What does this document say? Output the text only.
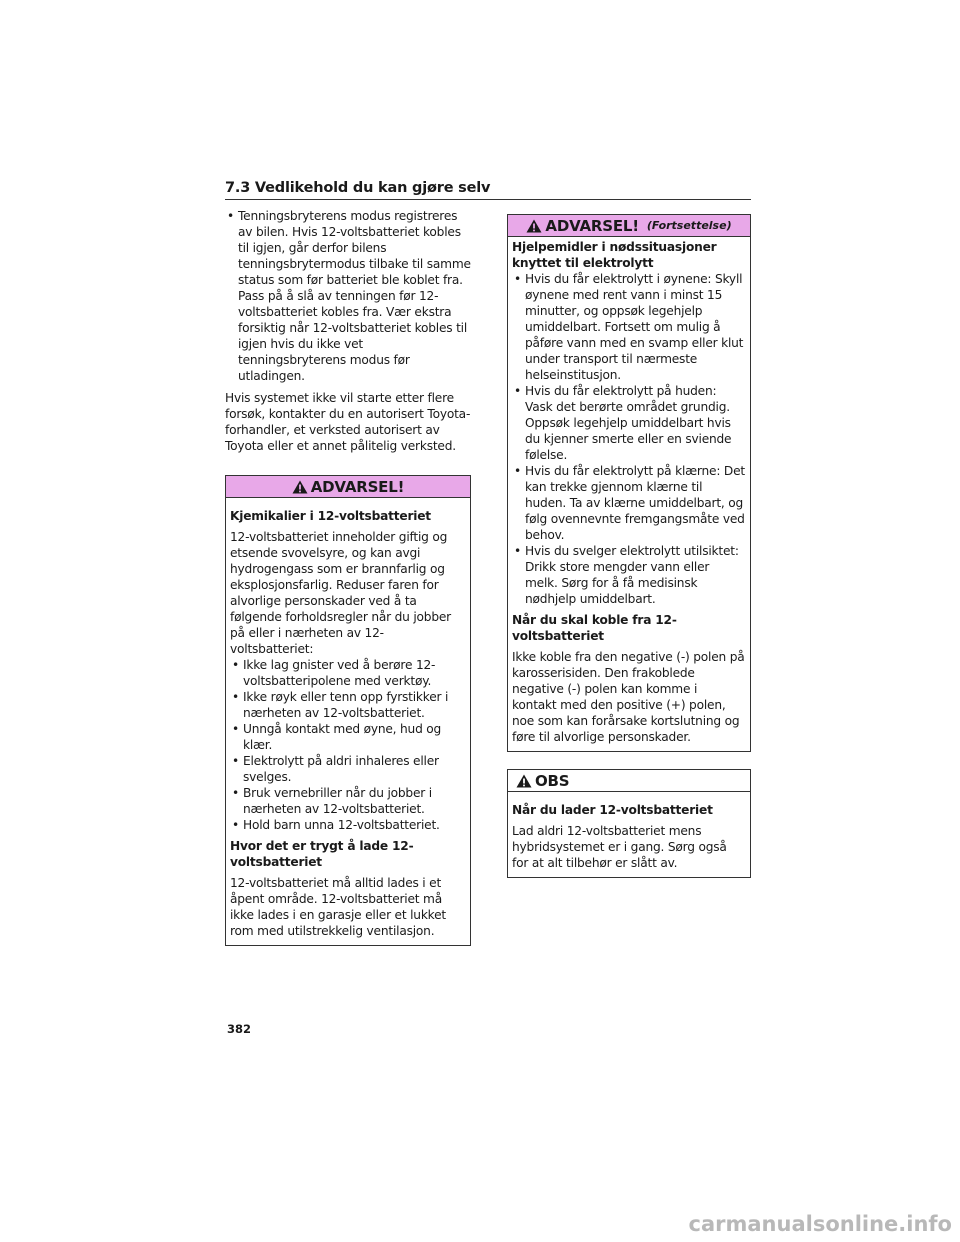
7.3 Vedlikehold du kan gjøre selv
• Tenningsbryterens modus registreres av bilen. Hvis 12-voltsbatteriet kobles til igjen, går derfor bilens tenningsbrytermodus tilbake til samme status som før batteriet ble koblet fra. Pass på å slå av tenningen før 12-voltsbatteriet kobles fra. Vær ekstra forsiktig når 12-voltsbatteriet kobles til igjen hvis du ikke vet tenningsbryterens modus før utladingen.

Hvis systemet ikke vil starte etter flere forsøk, kontakter du en autorisert Toyota-forhandler, et verksted autorisert av Toyota eller et annet pålitelig verksted.

ADVARSEL!
Kjemikalier i 12-voltsbatteriet

12-voltsbatteriet inneholder giftig og etsende svovelsyre, og kan avgi hydrogengass som er brannfarlig og eksplosjonsfarlig. Reduser faren for alvorlige personskader ved å ta følgende forholdsregler når du jobber på eller i nærheten av 12-voltsbatteriet:

• Ikke lag gnister ved å berøre 12-voltsbatteripolene med verktøy.
• Ikke røyk eller tenn opp fyrstikker i nærheten av 12-voltsbatteriet.
• Unngå kontakt med øyne, hud og klær.
• Elektrolytt på aldri inhaleres eller svelges.
• Bruk vernebriller når du jobber i nærheten av 12-voltsbatteriet.
• Hold barn unna 12-voltsbatteriet.
Hvor det er trygt å lade 12-voltsbatteriet

12-voltsbatteriet må alltid lades i et åpent område. 12-voltsbatteriet må ikke lades i en garasje eller et lukket rom med utilstrekkelig ventilasjon.

ADVARSEL! (Fortsettelse)
Hjelpemidler i nødssituasjoner knyttet til elektrolytt
• Hvis du får elektrolytt i øynene: Skyll øynene med rent vann i minst 15 minutter, og oppsøk legehjelp umiddelbart. Fortsett om mulig å påføre vann med en svamp eller klut under transport til nærmeste helseinstitusjon.
• Hvis du får elektrolytt på huden: Vask det berørte området grundig. Oppsøk legehjelp umiddelbart hvis du kjenner smerte eller en sviende følelse.
• Hvis du får elektrolytt på klærne: Det kan trekke gjennom klærne til huden. Ta av klærne umiddelbart, og følg ovennevnte fremgangsmåte ved behov.
• Hvis du svelger elektrolytt utilsiktet: Drikk store mengder vann eller melk. Sørg for å få medisinsk nødhjelp umiddelbart.
Når du skal koble fra 12-voltsbatteriet

Ikke koble fra den negative (-) polen på karosserisiden. Den frakoblede negative (-) polen kan komme i kontakt med den positive (+) polen, noe som kan forårsake kortslutning og føre til alvorlige personskader.

OBS
Når du lader 12-voltsbatteriet

Lad aldri 12-voltsbatteriet mens hybridsystemet er i gang. Sørg også for at alt tilbehør er slått av.

382
carmanualsonline.info
